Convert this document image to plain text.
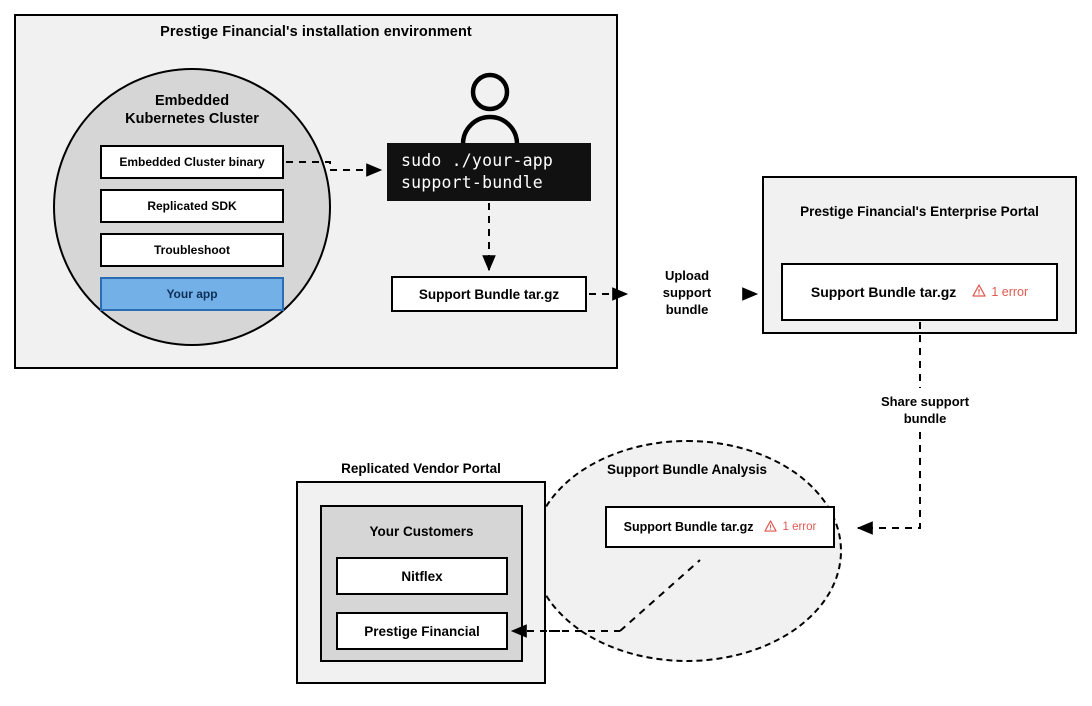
Prestige Financial's installation environment
Embedded
Kubernetes Cluster
Embedded Cluster binary
Replicated SDK
Troubleshoot
Your app
sudo ./your-app
support-bundle
Support Bundle tar.gz
Prestige Financial's Enterprise Portal
Support Bundle tar.gz	1 error
Support Bundle Analysis
Support Bundle tar.gz	1 error
Replicated Vendor Portal
Your Customers
Nitflex
Prestige Financial
Upload
support
bundle
Share support
bundle
